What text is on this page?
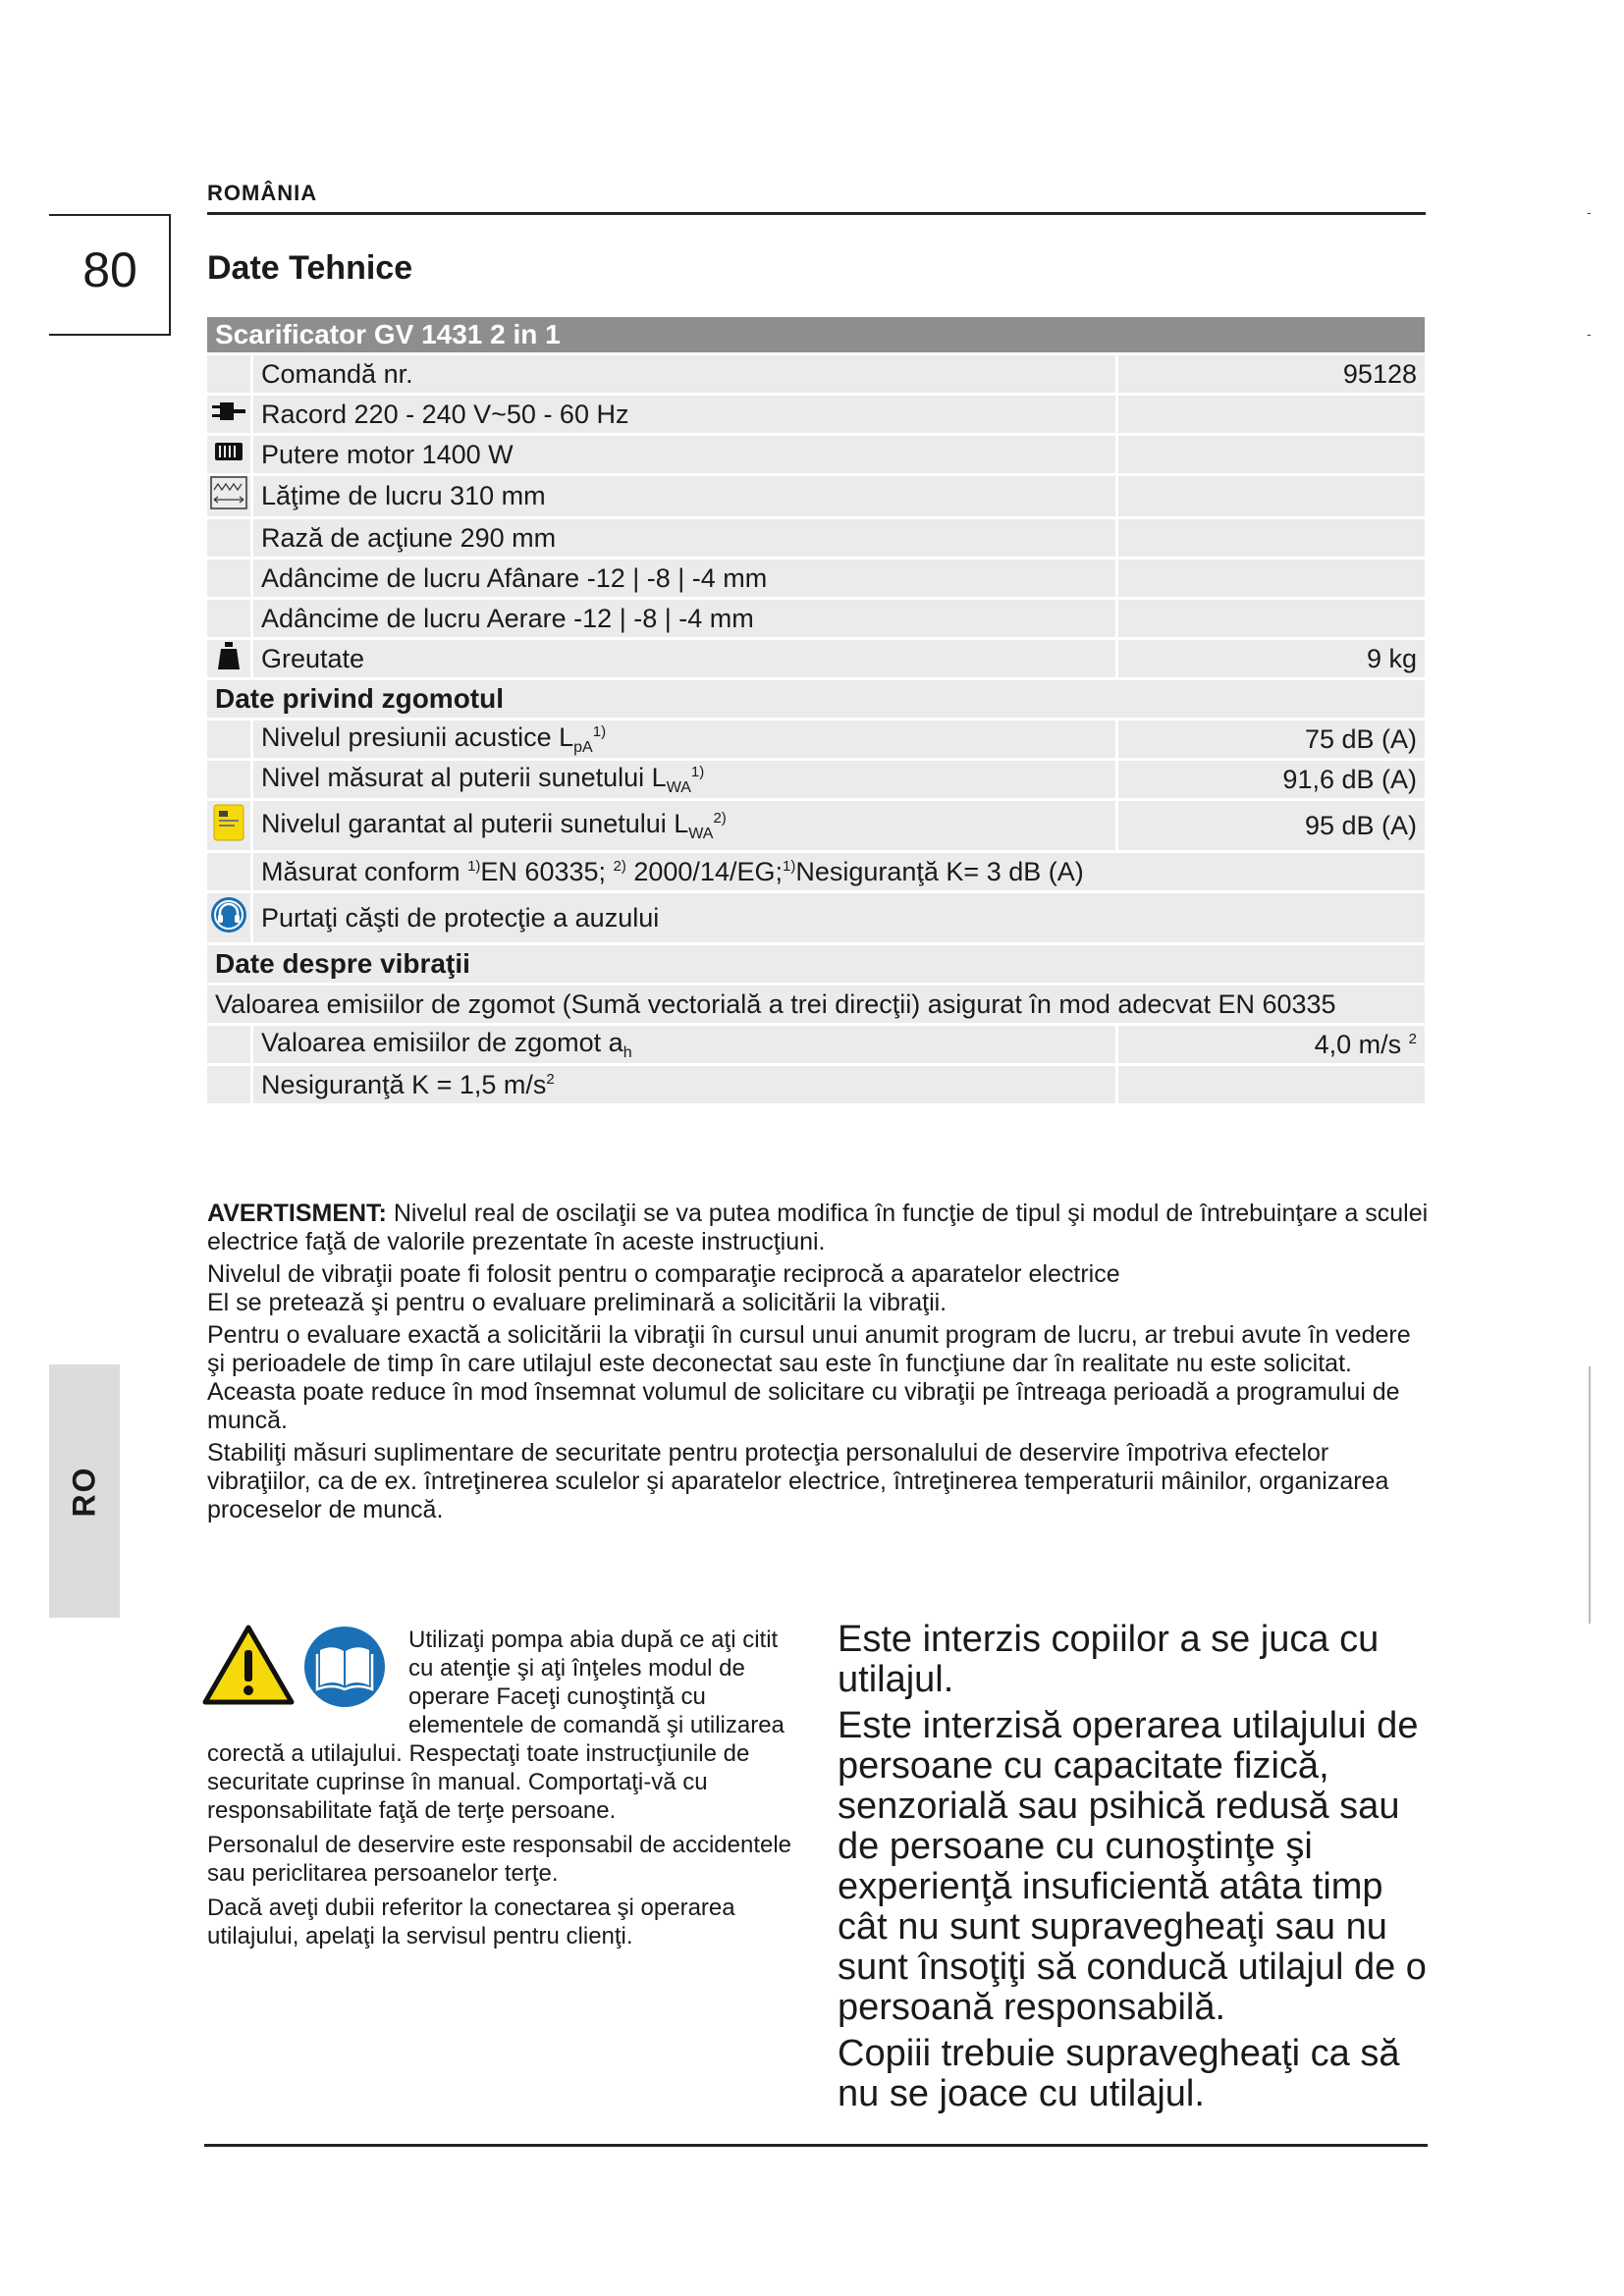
ROMÂNIA
80	Date Tehnice
-
-
RO
Scarificator GV 1431 2 in 1		
	Comandă nr.	95128
	Racord 220 - 240 V~50 - 60 Hz	
	Putere motor 1400 W	
	Lăţime de lucru 310 mm	
	Rază de acţiune 290 mm	
	Adâncime de lucru Afânare -12 | -8 | -4 mm	
	Adâncime de lucru Aerare -12 | -8 | -4 mm	
	Greutate	9 kg
Date privind zgomotul		
	Nivelul presiunii acustice $L_{pA}^{1)}$	75 dB (A)
	Nivel măsurat al puterii sunetului $L_{WA}^{1)}$	91,6 dB (A)
	Nivelul garantat al puterii sunetului $L_{WA}^{2)}$	95 dB (A)
	Măsurat conform $^{1)}$EN 60335; $^{2)}$ 2000/14/EG;$^{1)}$Nesiguranţă K= 3 dB (A)	
	Purtaţi căşti de protecţie a auzului	
Date despre vibraţii		
Valoarea emisiilor de zgomot (Sumă vectorială a trei direcţii) asigurat în mod adecvat EN 60335		
	Valoarea emisiilor de zgomot $a_h$	4,0 m/s $^2$
	Nesiguranţă K = 1,5 $m/s^2$	

AVERTISMENT: Nivelul real de oscilaţii se va putea modifica în funcţie de tipul şi modul de întrebuinţare a sculei electrice faţă de valorile prezentate în aceste instrucţiuni.

Nivelul de vibraţii poate fi folosit pentru o comparaţie reciprocă a aparatelor electrice

El se pretează şi pentru o evaluare preliminară a solicitării la vibraţii.

Pentru o evaluare exactă a solicitării la vibraţii în cursul unui anumit program de lucru, ar trebui avute în vedere şi perioadele de timp în care utilajul este deconectat sau este în funcţiune dar în realitate nu este solicitat. Aceasta poate reduce în mod însemnat volumul de solicitare cu vibraţii pe întreaga perioadă a programului de muncă.

Stabiliţi măsuri suplimentare de securitate pentru protecţia personalului de deservire împotriva efectelor vibraţiilor, ca de ex. întreţinerea sculelor şi aparatelor electrice, întreţinerea temperaturii mâinilor, organizarea proceselor de muncă.

Utilizaţi pompa abia după ce aţi citit cu atenţie şi aţi înţeles modul de operare Faceţi cunoştinţă cu elementele de comandă şi utilizarea corectă a utilajului. Respectaţi toate instrucţiunile de securitate cuprinse în manual. Comportaţi-vă cu responsabilitate faţă de terţe persoane.

Personalul de deservire este responsabil de accidentele sau periclitarea persoanelor terţe.

Dacă aveţi dubii referitor la conectarea şi operarea utilajului, apelaţi la servisul pentru clienţi.

Este interzis copiilor a se juca cu utilajul.

Este interzisă operarea utilajului de persoane cu capacitate fizică, senzorială sau psihică redusă sau de persoane cu cunoştinţe şi experienţă insuficientă atâta timp cât nu sunt supravegheaţi sau nu sunt însoţiţi să conducă utilajul de o persoană responsabilă.

Copiii trebuie supravegheaţi ca să nu se joace cu utilajul.
